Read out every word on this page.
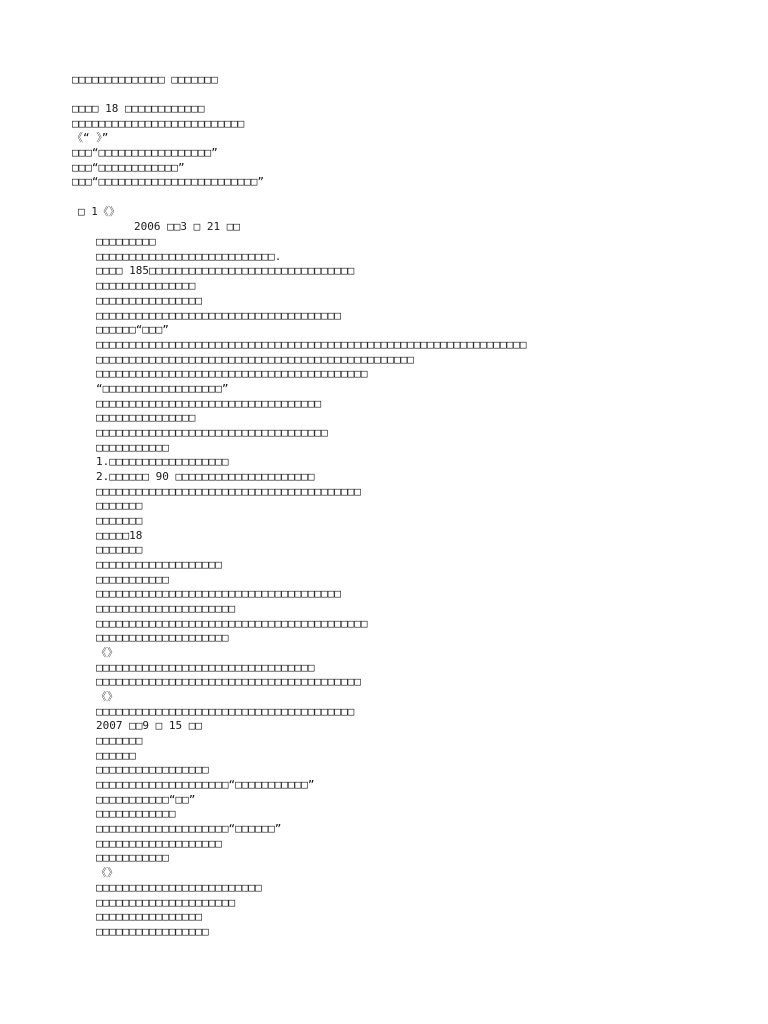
□□□□□□□□□□□□□□ □□□□□□□
□□□□ 18 □□□□□□□□□□□□
□□□□□□□□□□□□□□□□□□□□□□□□□□
《“ 》”
□□□“□□□□□□□□□□□□□□□□□”
□□□“□□□□□□□□□□□□”
□□□“□□□□□□□□□□□□□□□□□□□□□□□□”
□ 1《》
2006 □□3 □ 21 □□
□□□□□□□□□
□□□□□□□□□□□□□□□□□□□□□□□□□□□.
□□□□ 185□□□□□□□□□□□□□□□□□□□□□□□□□□□□□□□
□□□□□□□□□□□□□□□
□□□□□□□□□□□□□□□□
□□□□□□□□□□□□□□□□□□□□□□□□□□□□□□□□□□□□□
□□□□□□“□□□”
□□□□□□□□□□□□□□□□□□□□□□□□□□□□□□□□□□□□□□□□□□□□□□□□□□□□□□□□□□□□□□□□□
□□□□□□□□□□□□□□□□□□□□□□□□□□□□□□□□□□□□□□□□□□□□□□□□
□□□□□□□□□□□□□□□□□□□□□□□□□□□□□□□□□□□□□□□□□
“□□□□□□□□□□□□□□□□□□”
□□□□□□□□□□□□□□□□□□□□□□□□□□□□□□□□□□
□□□□□□□□□□□□□□□
□□□□□□□□□□□□□□□□□□□□□□□□□□□□□□□□□□□
□□□□□□□□□□□
1.□□□□□□□□□□□□□□□□□□
2.□□□□□□ 90 □□□□□□□□□□□□□□□□□□□□□
□□□□□□□□□□□□□□□□□□□□□□□□□□□□□□□□□□□□□□□□
□□□□□□□
□□□□□□□
□□□□□18
□□□□□□□
□□□□□□□□□□□□□□□□□□□
□□□□□□□□□□□
□□□□□□□□□□□□□□□□□□□□□□□□□□□□□□□□□□□□□
□□□□□□□□□□□□□□□□□□□□□
□□□□□□□□□□□□□□□□□□□□□□□□□□□□□□□□□□□□□□□□□
□□□□□□□□□□□□□□□□□□□□
《》
□□□□□□□□□□□□□□□□□□□□□□□□□□□□□□□□□
□□□□□□□□□□□□□□□□□□□□□□□□□□□□□□□□□□□□□□□□
《》
□□□□□□□□□□□□□□□□□□□□□□□□□□□□□□□□□□□□□□□
2007 □□9 □ 15 □□
□□□□□□□
□□□□□□
□□□□□□□□□□□□□□□□□
□□□□□□□□□□□□□□□□□□□□“□□□□□□□□□□□”
□□□□□□□□□□□“□□”
□□□□□□□□□□□□
□□□□□□□□□□□□□□□□□□□□“□□□□□□”
□□□□□□□□□□□□□□□□□□□
□□□□□□□□□□□
《》
□□□□□□□□□□□□□□□□□□□□□□□□□
□□□□□□□□□□□□□□□□□□□□□
□□□□□□□□□□□□□□□□
□□□□□□□□□□□□□□□□□
